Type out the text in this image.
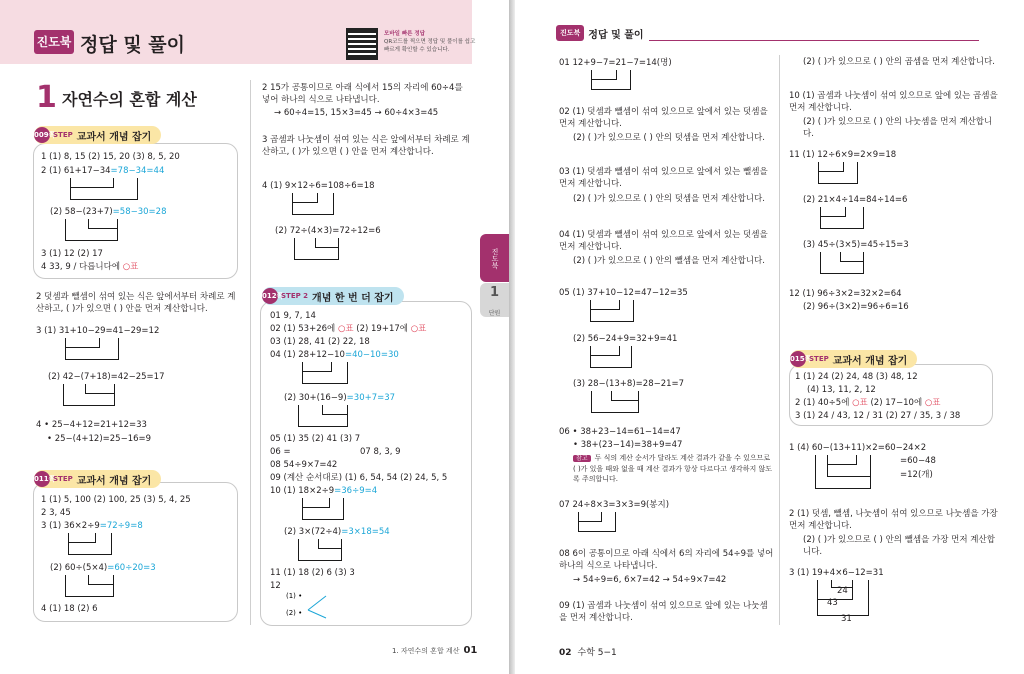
진도북 정답 및 풀이	모바일 빠른 정답
QR코드를 찍으면 정답 및 풀이를 쉽고 빠르게 확인할 수 있습니다.
1 자연수의 혼합 계산
009쪽
STEP 교과서 개념 잡기
1 (1) 8, 15 (2) 15, 20 (3) 8, 5, 20
2 (1) 61+17−34=78−34=44
(2) 58−(23+7)=58−30=28
3 (1) 12 (2) 17
4 33, 9 / 다릅니다에 ○표
2 덧셈과 뺄셈이 섞여 있는 식은 앞에서부터 차례로 계산하고, ( )가 있으면 ( ) 안을 먼저 계산합니다.
3 (1) 31+10−29=41−29=12
(2) 42−(7+18)=42−25=17
4 • 25−4+12=21+12=33
• 25−(4+12)=25−16=9
011쪽
STEP 교과서 개념 잡기
1 (1) 5, 100 (2) 100, 25 (3) 5, 4, 25
2 3, 45
3 (1) 36×2÷9=72÷9=8
(2) 60÷(5×4)=60÷20=3
4 (1) 18 (2) 6
2 15가 공통이므로 아래 식에서 15의 자리에 60÷4를 넣어 하나의 식으로 나타냅니다.
→ 60÷4=15, 15×3=45 → 60÷4×3=45
3 곱셈과 나눗셈이 섞여 있는 식은 앞에서부터 차례로 계산하고, ( )가 있으면 ( ) 안을 먼저 계산합니다.
4 (1) 9×12÷6=108÷6=18
(2) 72÷(4×3)=72÷12=6
012쪽
STEP 2 개념 한 번 더 잡기
01 9, 7, 14
02 (1) 53+26에 ○표 (2) 19+17에 ○표
03 (1) 28, 41 (2) 22, 18
04 (1) 28+12−10=40−10=30
(2) 30+(16−9)=30+7=37
05 (1) 35 (2) 41 (3) 7
06 =	07 8, 3, 9
08 54÷9×7=42
09 (계산 순서대로) (1) 6, 54, 54 (2) 24, 5, 5
10 (1) 18×2÷9=36÷9=4
(2) 3×(72÷4)=3×18=54
11 (1) 18 (2) 6 (3) 3
12
(1) •
(2) •
진도북
1
단원
1. 자연수의 혼합 계산 01
진도북 정답 및 풀이
01 12+9−7=21−7=14(명)
02 (1) 덧셈과 뺄셈이 섞여 있으므로 앞에서 있는 덧셈을 먼저 계산합니다.
(2) ( )가 있으므로 ( ) 안의 덧셈을 먼저 계산합니다.
03 (1) 덧셈과 뺄셈이 섞여 있으므로 앞에서 있는 뺄셈을 먼저 계산합니다.
(2) ( )가 있으므로 ( ) 안의 덧셈을 먼저 계산합니다.
04 (1) 덧셈과 뺄셈이 섞여 있으므로 앞에서 있는 덧셈을 먼저 계산합니다.
(2) ( )가 있으므로 ( ) 안의 뺄셈을 먼저 계산합니다.
05 (1) 37+10−12=47−12=35
(2) 56−24+9=32+9=41
(3) 28−(13+8)=28−21=7
06 • 38+23−14=61−14=47
• 38+(23−14)=38+9=47
참고 두 식의 계산 순서가 달라도 계산 결과가 같을 수 있으므로 ( )가 있을 때와 없을 때 계산 결과가 항상 다르다고 생각하지 않도록 주의합니다.
07 24÷8×3=3×3=9(봉지)
08 6이 공통이므로 아래 식에서 6의 자리에 54÷9를 넣어 하나의 식으로 나타냅니다.
→ 54÷9=6, 6×7=42 → 54÷9×7=42
09 (1) 곱셈과 나눗셈이 섞여 있으므로 앞에 있는 나눗셈을 먼저 계산합니다.
(2) ( )가 있으므로 ( ) 안의 곱셈을 먼저 계산합니다.
10 (1) 곱셈과 나눗셈이 섞여 있으므로 앞에 있는 곱셈을 먼저 계산합니다.
(2) ( )가 있으므로 ( ) 안의 나눗셈을 먼저 계산합니다.
11 (1) 12÷6×9=2×9=18
(2) 21×4÷14=84÷14=6
(3) 45÷(3×5)=45÷15=3
12 (1) 96÷3×2=32×2=64
(2) 96÷(3×2)=96÷6=16
015쪽
STEP 교과서 개념 잡기
1 (1) 24 (2) 24, 48 (3) 48, 12
(4) 13, 11, 2, 12
2 (1) 40÷5에 ○표 (2) 17−10에 ○표
3 (1) 24 / 43, 12 / 31 (2) 27 / 35, 3 / 38
1 (4) 60−(13+11)×2=60−24×2
=60−48
=12(개)
2 (1) 덧셈, 뺄셈, 나눗셈이 섞여 있으므로 나눗셈을 가장 먼저 계산합니다.
(2) ( )가 있으므로 ( ) 안의 뺄셈을 가장 먼저 계산합니다.
3 (1) 19+4×6−12=31
24
43
31
02 수학 5−1
